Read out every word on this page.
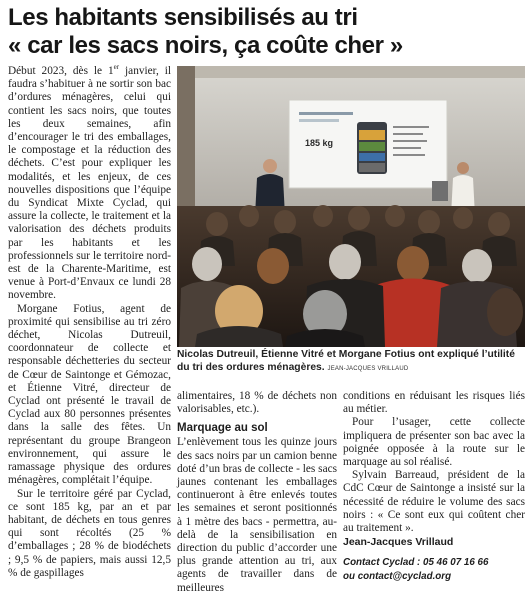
Les habitants sensibilisés au tri
« car les sacs noirs, ça coûte cher »

Début 2023, dès le 1er janvier, il faudra s’habituer à ne sortir son bac d’ordures ménagères, celui qui contient les sacs noirs, que toutes les deux semaines, afin d’encourager le tri des emballages, le compostage et la réduction des déchets. C’est pour expliquer les modalités, et les enjeux, de ces nouvelles dispositions que l’équipe du Syndicat Mixte Cyclad, qui assure la collecte, le traitement et la valorisation des déchets produits par les habitants et les professionnels sur le territoire nord-est de la Charente-Maritime, est venue à Port-d’Envaux ce lundi 28 novembre.

Morgane Fotius, agent de proximité qui sensibilise au tri zéro déchet, Nicolas Dutreuil, coordonnateur de collecte et responsable déchetteries du secteur de Cœur de Saintonge et Gémozac, et Étienne Vitré, directeur de Cyclad ont présenté le travail de Cyclad aux 80 personnes présentes dans la salle des fêtes. Un représentant du groupe Brangeon environnement, qui assure le ramassage physique des ordures ménagères, complétait l’équipe.

Sur le territoire géré par Cyclad, ce sont 185 kg, par an et par habitant, de déchets en tous genres qui sont récoltés (25 % d’emballages ; 28 % de biodéchets ; 9,5 % de papiers, mais aussi 12,5 % de gaspillages

185 kg
Nicolas Dutreuil, Étienne Vitré et Morgane Fotius ont expliqué l’utilité du tri des ordures ménagères. JEAN-JACQUES VRILLAUD

alimentaires, 18 % de déchets non valorisables, etc.).

Marquage au sol

L’enlèvement tous les quinze jours des sacs noirs par un camion benne doté d’un bras de collecte - les sacs jaunes contenant les emballages continueront à être enlevés toutes les semaines et seront positionnés à 1 mètre des bacs - permettra, au-delà de la sensibilisation en direction du public d’accorder une plus grande attention au tri, aux agents de travailler dans de meilleures

conditions en réduisant les risques liés au métier.

Pour l’usager, cette collecte impliquera de présenter son bac avec la poignée opposée à la route sur le marquage au sol réalisé.

Sylvain Barreaud, président de la CdC Cœur de Saintonge a insisté sur la nécessité de réduire le volume des sacs noirs : « Ce sont eux qui coûtent cher au traitement ».

Jean-Jacques Vrillaud

Contact Cyclad : 05 46 07 16 66
ou contact@cyclad.org
